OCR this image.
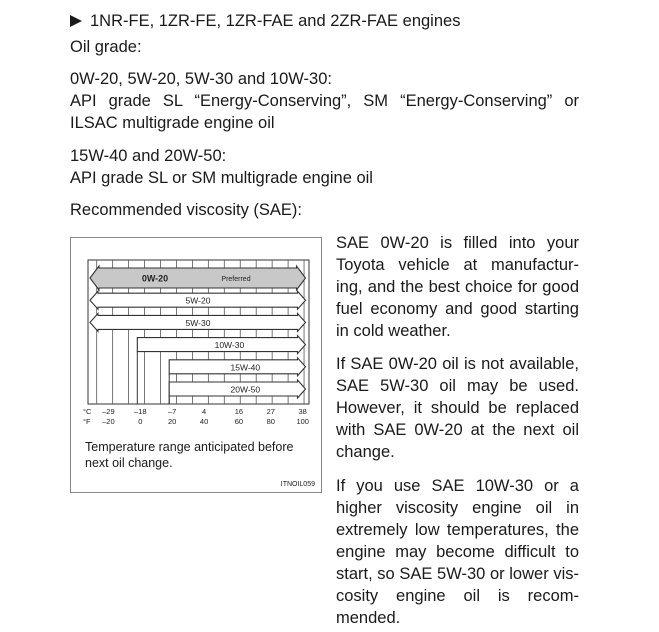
1NR-FE, 1ZR-FE, 1ZR-FAE and 2ZR-FAE engines

Oil grade:

0W-20, 5W-20, 5W-30 and 10W-30:

API grade SL “Energy-Conserving”, SM “Energy-Conserving” or
ILSAC multigrade engine oil

15W-40 and 20W-50:

API grade SL or SM multigrade engine oil

Recommended viscosity (SAE):

0W-20	Preferred
5W-20
5W-30
10W-30
15W-40
20W-50
°C
°F
–29
–20
–18
0
–7
20
4
40
16
60
27
80
38
100

Temperature range anticipated before next oil change.

ITNOIL059

SAE 0W-20 is filled into your
Toyota vehicle at manufactur-
ing, and the best choice for good
fuel economy and good starting
in cold weather.
If SAE 0W-20 oil is not available,
SAE 5W-30 oil may be used.
However, it should be replaced
with SAE 0W-20 at the next oil
change.
If you use SAE 10W-30 or a
higher viscosity engine oil in
extremely low temperatures, the
engine may become difficult to
start, so SAE 5W-30 or lower vis-
cosity engine oil is recom-
mended.
